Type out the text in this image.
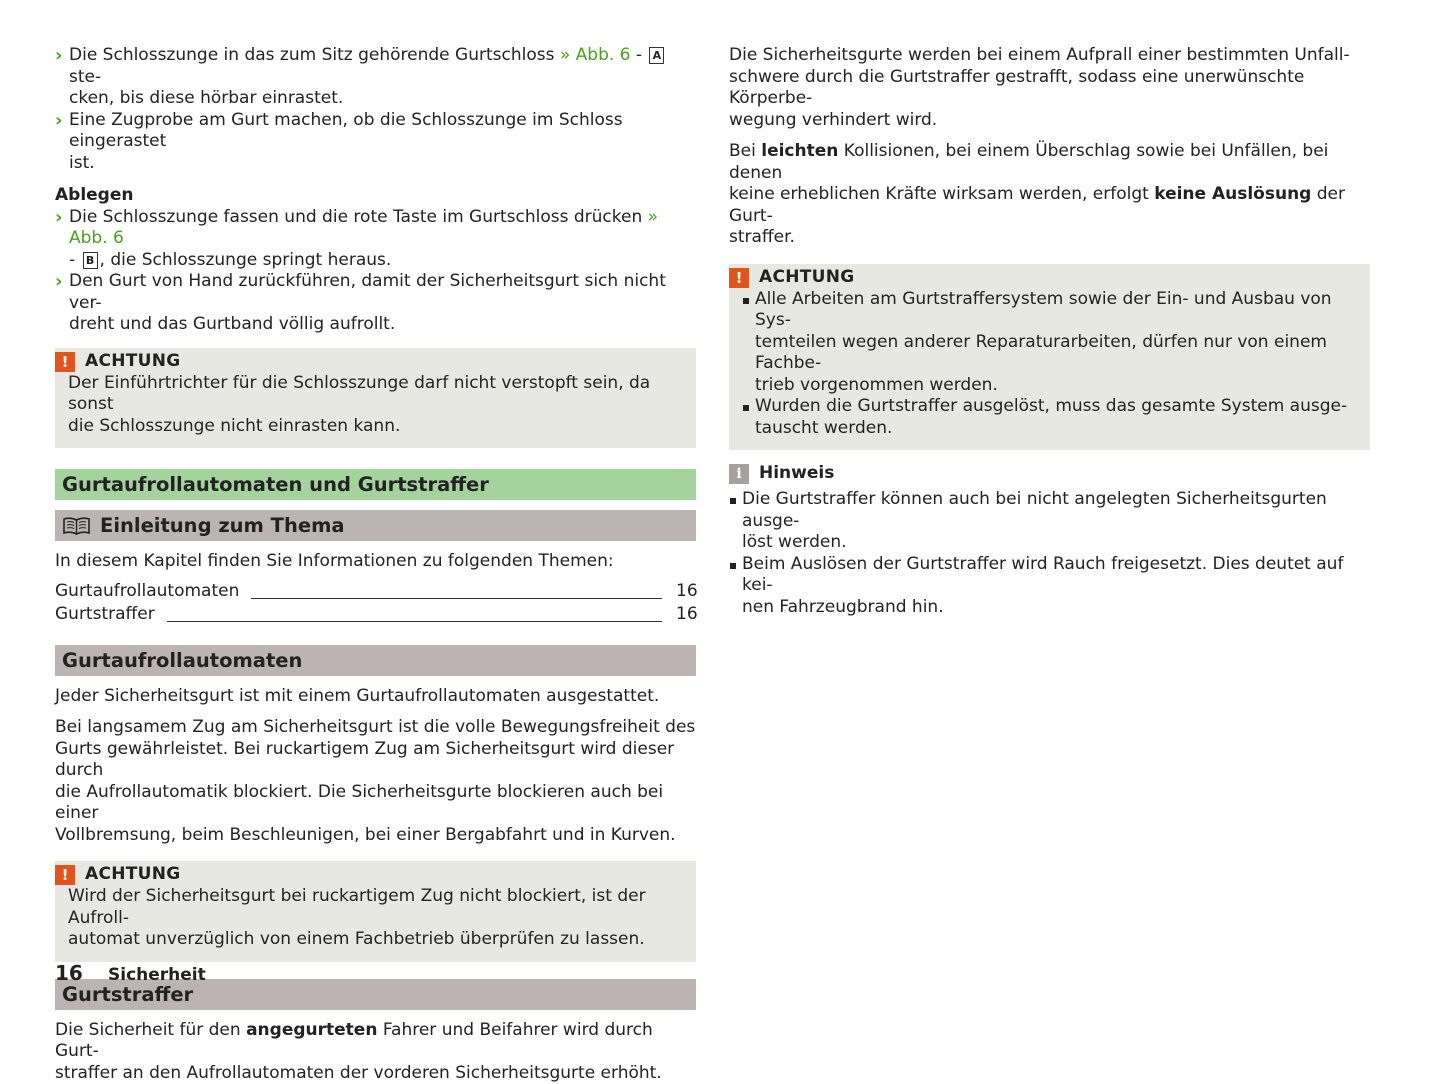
› Die Schlosszunge in das zum Sitz gehörende Gurtschloss » Abb. 6 - A ste-
cken, bis diese hörbar einrastet.

› Eine Zugprobe am Gurt machen, ob die Schlosszunge im Schloss eingerastet
ist.

Ablegen

› Die Schlosszunge fassen und die rote Taste im Gurtschloss drücken » Abb. 6
- B , die Schlosszunge springt heraus.

› Den Gurt von Hand zurückführen, damit der Sicherheitsgurt sich nicht ver-
dreht und das Gurtband völlig aufrollt.

! ACHTUNG

Der Einführtrichter für die Schlosszunge darf nicht verstopft sein, da sonst
die Schlosszunge nicht einrasten kann.

Gurtaufrollautomaten und Gurtstraffer
Einleitung zum Thema

In diesem Kapitel finden Sie Informationen zu folgenden Themen:

Gurtaufrollautomaten	16
Gurtstraffer	16
Gurtaufrollautomaten

Jeder Sicherheitsgurt ist mit einem Gurtaufrollautomaten ausgestattet.

Bei langsamem Zug am Sicherheitsgurt ist die volle Bewegungsfreiheit des
Gurts gewährleistet. Bei ruckartigem Zug am Sicherheitsgurt wird dieser durch
die Aufrollautomatik blockiert. Die Sicherheitsgurte blockieren auch bei einer
Vollbremsung, beim Beschleunigen, bei einer Bergabfahrt und in Kurven.

! ACHTUNG

Wird der Sicherheitsgurt bei ruckartigem Zug nicht blockiert, ist der Aufroll-
automat unverzüglich von einem Fachbetrieb überprüfen zu lassen.

Gurtstraffer

Die Sicherheit für den angegurteten Fahrer und Beifahrer wird durch Gurt-
straffer an den Aufrollautomaten der vorderen Sicherheitsgurte erhöht.

Die Sicherheitsgurte werden bei einem Aufprall einer bestimmten Unfall-
schwere durch die Gurtstraffer gestrafft, sodass eine unerwünschte Körperbe-
wegung verhindert wird.

Bei leichten Kollisionen, bei einem Überschlag sowie bei Unfällen, bei denen
keine erheblichen Kräfte wirksam werden, erfolgt keine Auslösung der Gurt-
straffer.

! ACHTUNG

Alle Arbeiten am Gurtstraffersystem sowie der Ein- und Ausbau von Sys-
temteilen wegen anderer Reparaturarbeiten, dürfen nur von einem Fachbe-
trieb vorgenommen werden.

Wurden die Gurtstraffer ausgelöst, muss das gesamte System ausge-
tauscht werden.

i	Hinweis

Die Gurtstraffer können auch bei nicht angelegten Sicherheitsgurten ausge-
löst werden.

Beim Auslösen der Gurtstraffer wird Rauch freigesetzt. Dies deutet auf kei-
nen Fahrzeugbrand hin.

16	Sicherheit
